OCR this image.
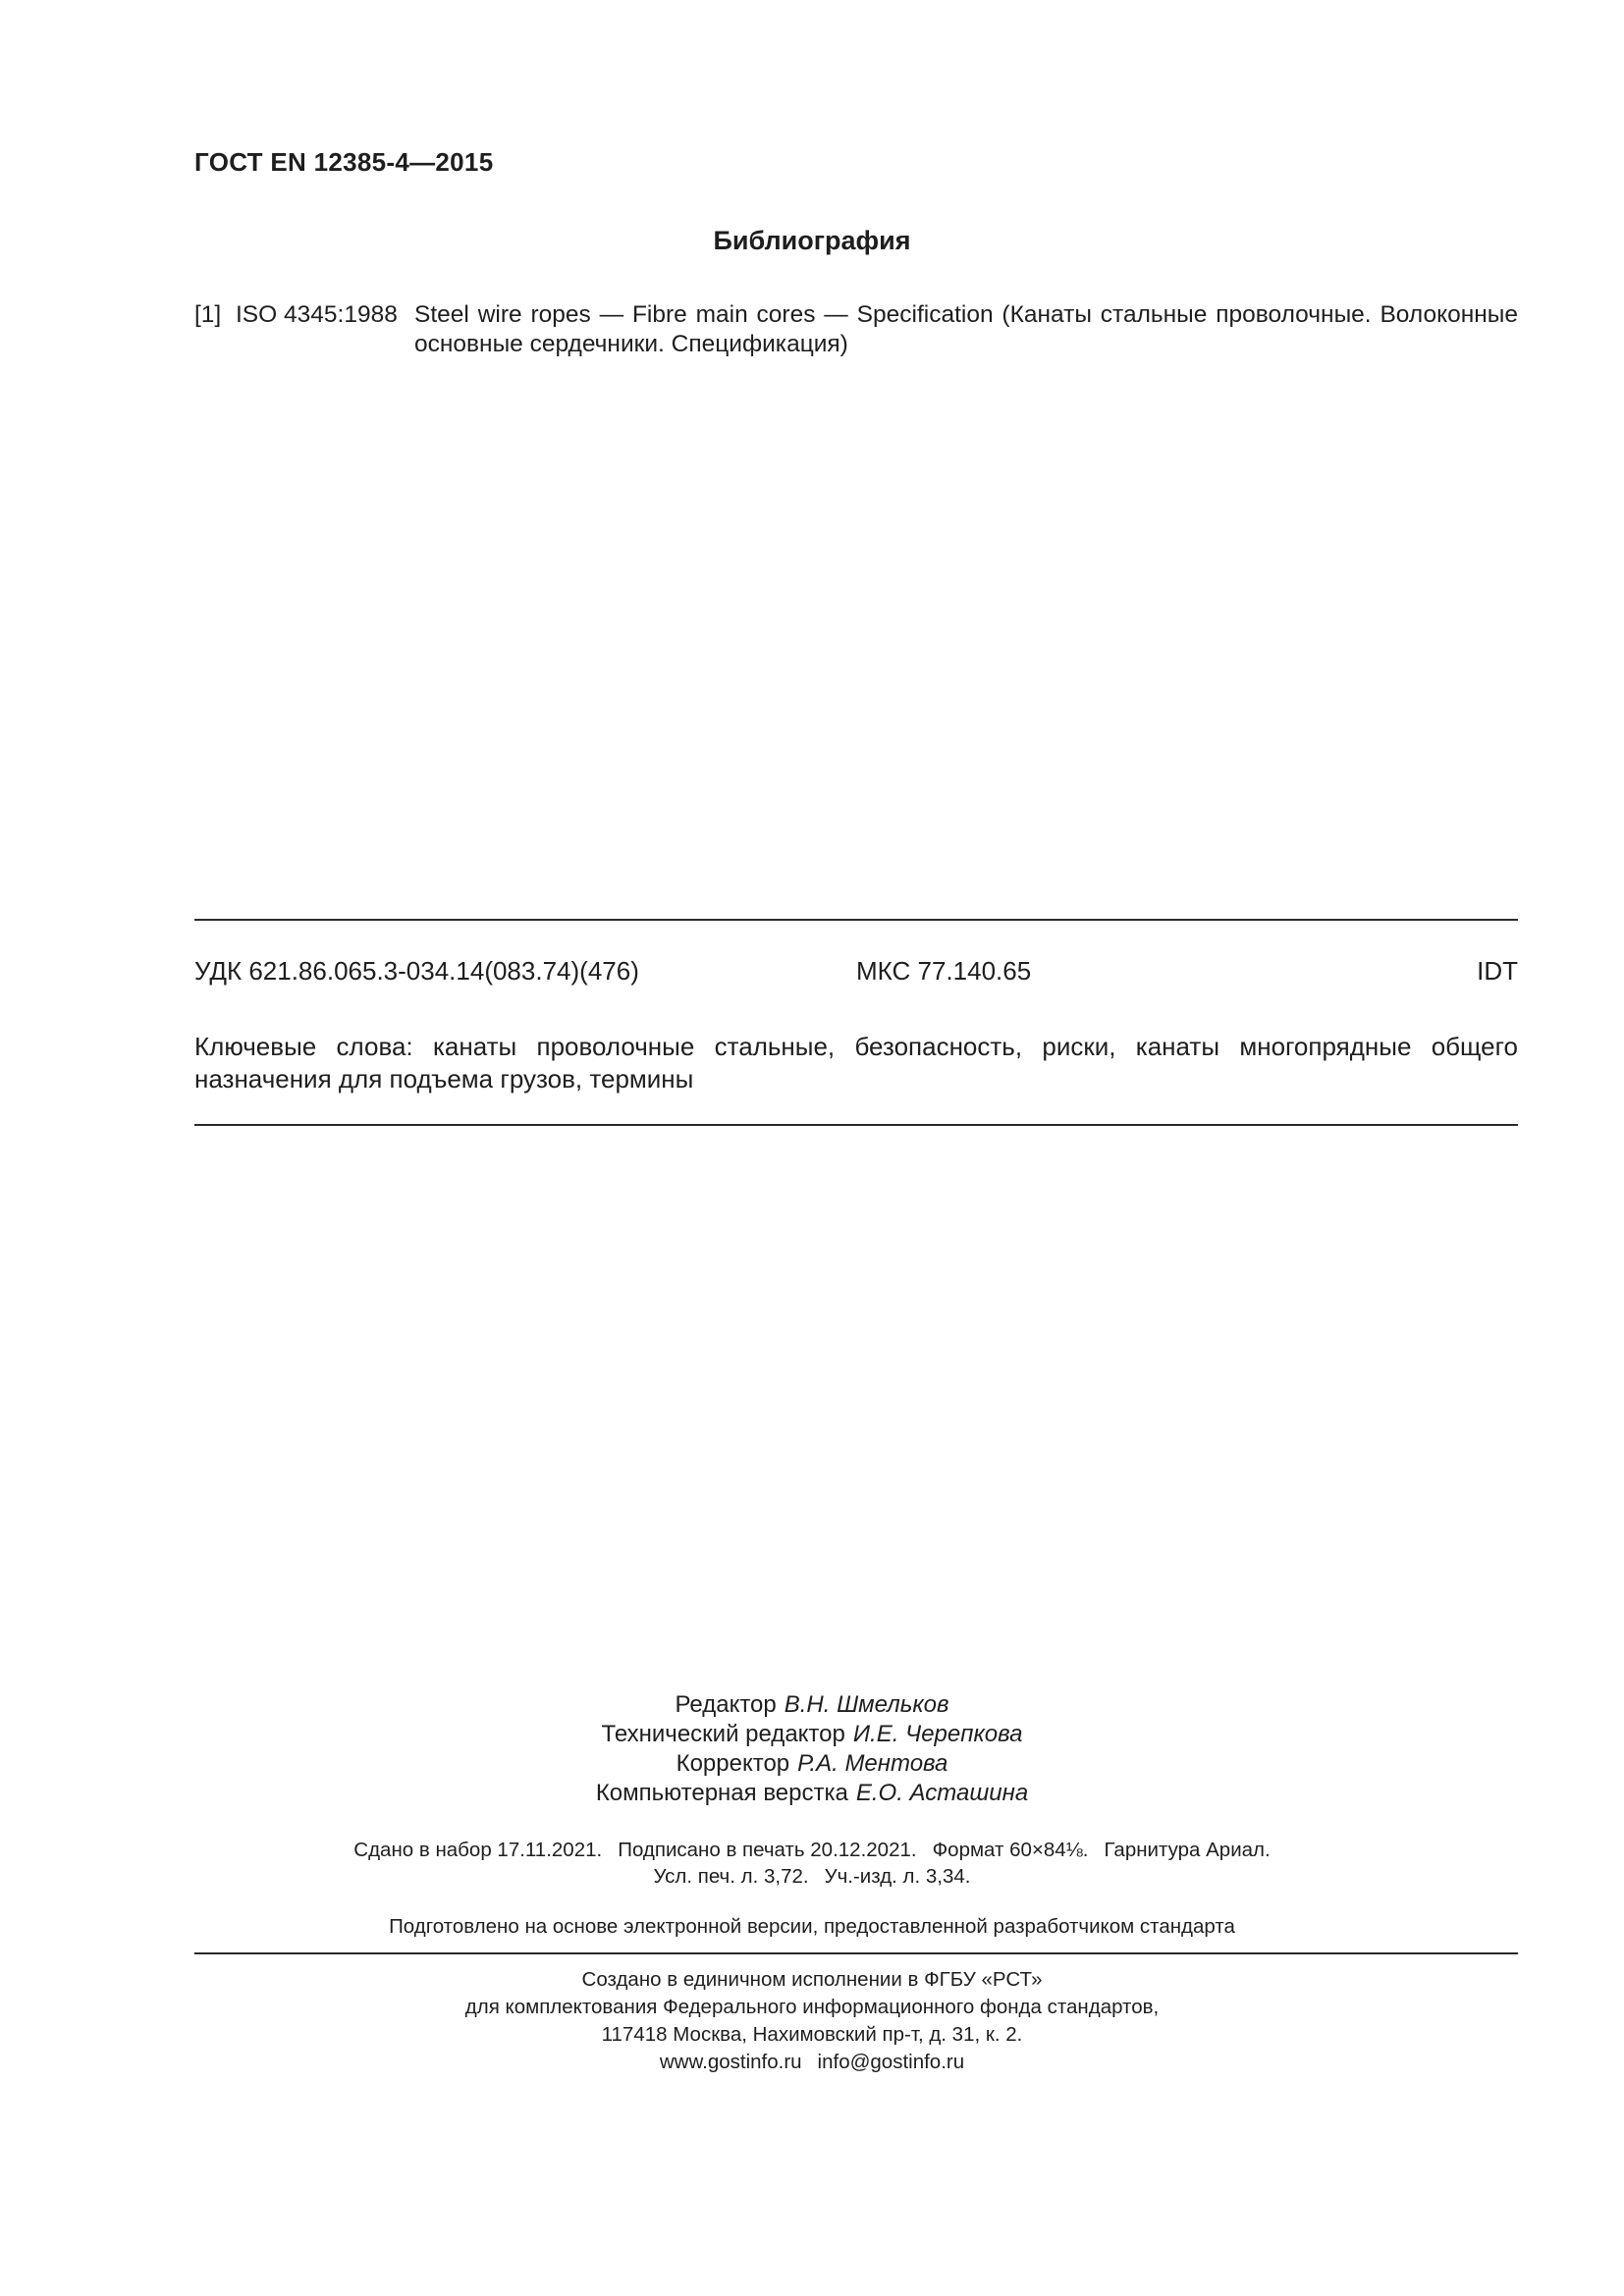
ГОСТ EN 12385-4—2015
Библиография
[1] ISO 4345:1988 Steel wire ropes — Fibre main cores — Specification (Канаты стальные проволочные. Волоконные основные сердечники. Спецификация)
УДК 621.86.065.3-034.14(083.74)(476)	МКС 77.140.65	IDT
Ключевые слова: канаты проволочные стальные, безопасность, риски, канаты многопрядные общего назначения для подъема грузов, термины
Редактор В.Н. Шмельков
Технический редактор И.Е. Черепкова
Корректор Р.А. Ментова
Компьютерная верстка Е.О. Асташина
Сдано в набор 17.11.2021. Подписано в печать 20.12.2021. Формат 60×84⅛. Гарнитура Ариал.
Усл. печ. л. 3,72. Уч.-изд. л. 3,34.
Подготовлено на основе электронной версии, предоставленной разработчиком стандарта
Создано в единичном исполнении в ФГБУ «РСТ»
для комплектования Федерального информационного фонда стандартов,
117418 Москва, Нахимовский пр-т, д. 31, к. 2.
www.gostinfo.ru info@gostinfo.ru
